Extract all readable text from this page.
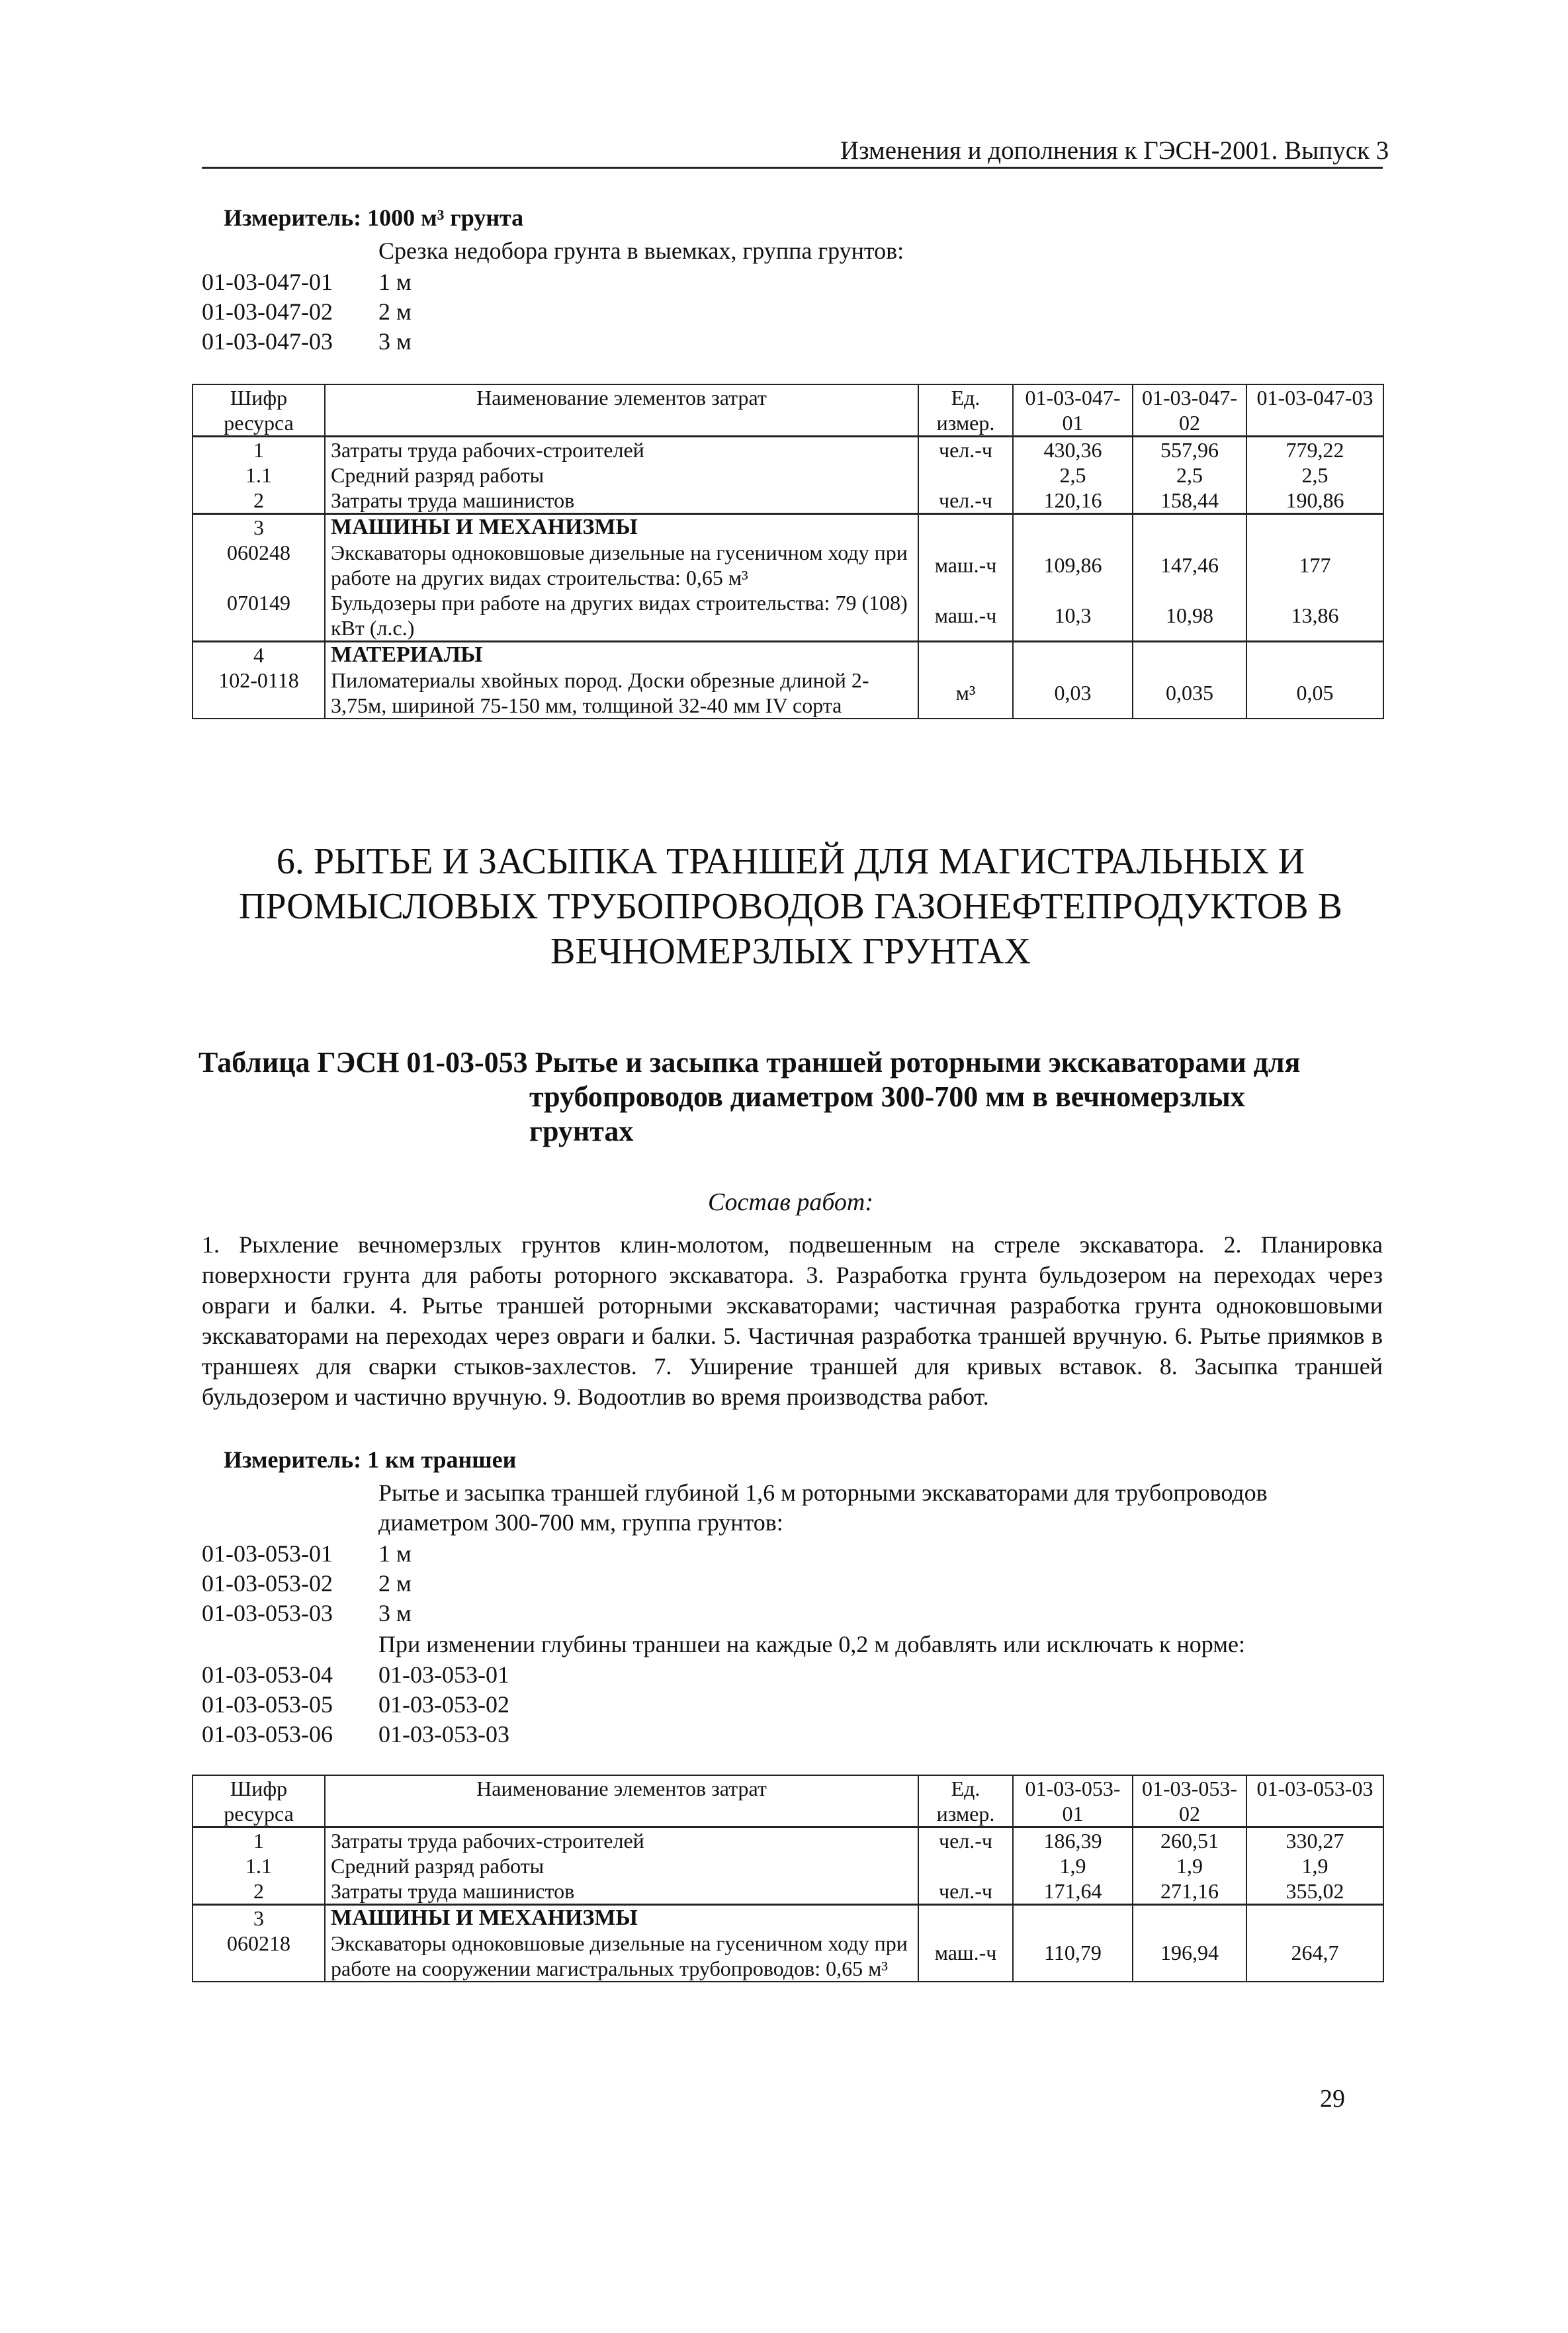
Изменения и дополнения к ГЭСН-2001. Выпуск 3
Измеритель: 1000 м³ грунта
Срезка недобора грунта в выемках, группа грунтов:
01-03-047-01 1 м
01-03-047-02 2 м
01-03-047-03 3 м
Шифр ресурса	Наименование элементов затрат	Ед. измер.	01-03-047-01	01-03-047-02	01-03-047-03
1	Затраты труда рабочих-строителей	чел.-ч	430,36	557,96	779,22
1.1	Средний разряд работы		2,5	2,5	2,5
2	Затраты труда машинистов	чел.-ч	120,16	158,44	190,86
3	МАШИНЫ И МЕХАНИЗМЫ				
060248	Экскаваторы одноковшовые дизельные на гусеничном ходу при работе на других видах строительства: 0,65 м³	маш.-ч	109,86	147,46	177
070149	Бульдозеры при работе на других видах строительства: 79 (108) кВт (л.с.)	маш.-ч	10,3	10,98	13,86
4	МАТЕРИАЛЫ				
102-0118	Пиломатериалы хвойных пород. Доски обрезные длиной 2-3,75м, шириной 75-150 мм, толщиной 32-40 мм IV сорта	м³	0,03	0,035	0,05
6. РЫТЬЕ И ЗАСЫПКА ТРАНШЕЙ ДЛЯ МАГИСТРАЛЬНЫХ И ПРОМЫСЛОВЫХ ТРУБОПРОВОДОВ ГАЗОНЕФТЕПРОДУКТОВ В ВЕЧНОМЕРЗЛЫХ ГРУНТАХ
Таблица ГЭСН 01-03-053 Рытье и засыпка траншей роторными экскаваторами для
трубопроводов диаметром 300-700 мм в вечномерзлых
грунтах
Состав работ:
1. Рыхление вечномерзлых грунтов клин-молотом, подвешенным на стреле экскаватора. 2. Планировка поверхности грунта для работы роторного экскаватора. 3. Разработка грунта бульдозером на переходах через овраги и балки. 4. Рытье траншей роторными экскаваторами; частичная разработка грунта одноковшовыми экскаваторами на переходах через овраги и балки. 5. Частичная разработка траншей вручную. 6. Рытье приямков в траншеях для сварки стыков-захлестов. 7. Уширение траншей для кривых вставок. 8. Засыпка траншей бульдозером и частично вручную. 9. Водоотлив во время производства работ.
Измеритель: 1 км траншеи
Рытье и засыпка траншей глубиной 1,6 м роторными экскаваторами для трубопроводов
диаметром 300-700 мм, группа грунтов:
01-03-053-01 1 м
01-03-053-02 2 м
01-03-053-03 3 м
При изменении глубины траншеи на каждые 0,2 м добавлять или исключать к норме:
01-03-053-04 01-03-053-01
01-03-053-05 01-03-053-02
01-03-053-06 01-03-053-03
Шифр ресурса	Наименование элементов затрат	Ед. измер.	01-03-053-01	01-03-053-02	01-03-053-03
1	Затраты труда рабочих-строителей	чел.-ч	186,39	260,51	330,27
1.1	Средний разряд работы		1,9	1,9	1,9
2	Затраты труда машинистов	чел.-ч	171,64	271,16	355,02
3	МАШИНЫ И МЕХАНИЗМЫ				
060218	Экскаваторы одноковшовые дизельные на гусеничном ходу при работе на сооружении магистральных трубопроводов: 0,65 м³	маш.-ч	110,79	196,94	264,7
29
